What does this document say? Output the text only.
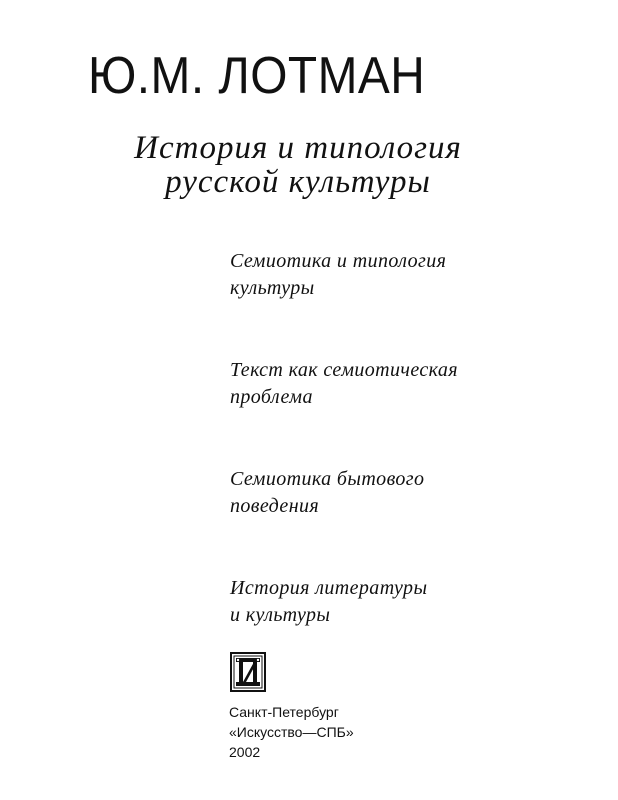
Ю.М. ЛОТМАН
История и типология
русской культуры
Семиотика и типология
культуры
Текст как семиотическая
проблема
Семиотика бытового
поведения
История литературы
и культуры
Санкт-Петербург
«Искусство—СПБ»
2002
